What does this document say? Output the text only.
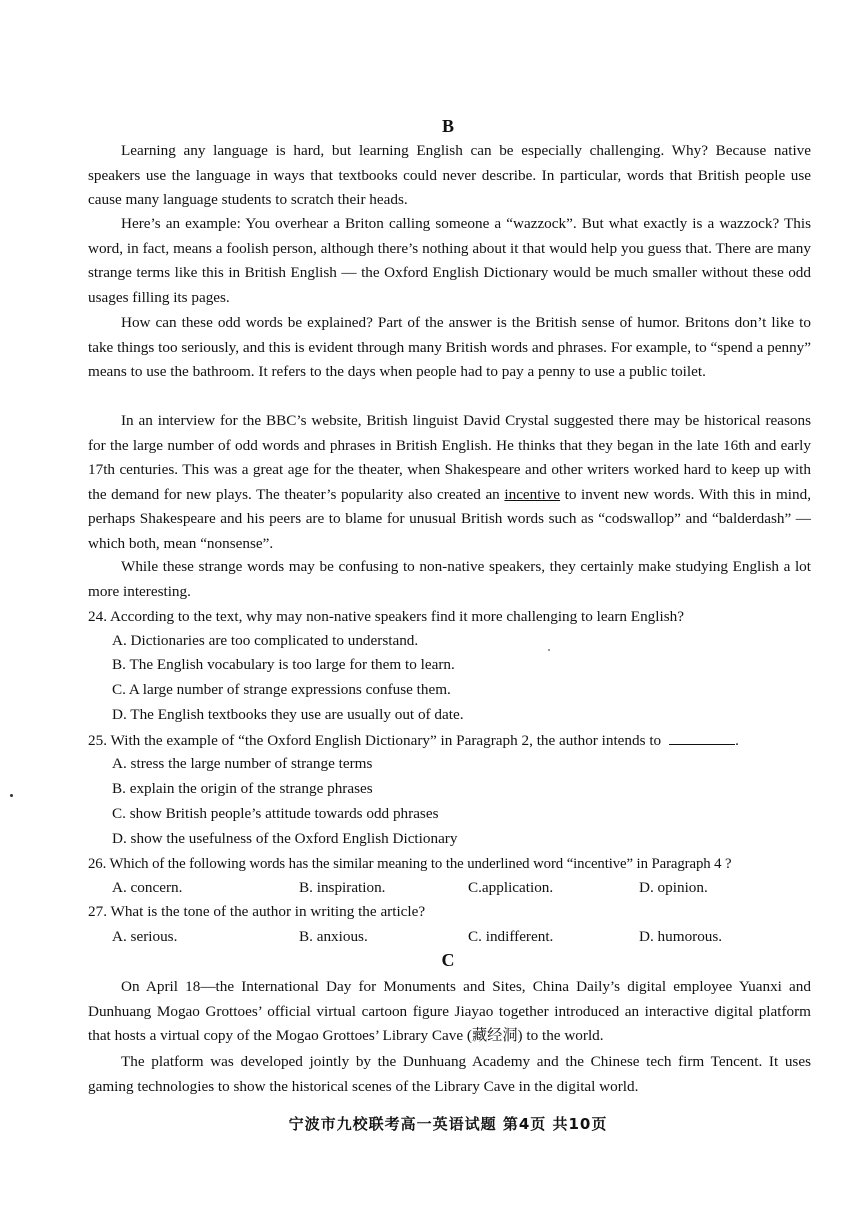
B

Learning any language is hard, but learning English can be especially challenging. Why? Because native speakers use the language in ways that textbooks could never describe. In particular, words that British people use cause many language students to scratch their heads.

Here’s an example: You overhear a Briton calling someone a “wazzock”. But what exactly is a wazzock? This word, in fact, means a foolish person, although there’s nothing about it that would help you guess that. There are many strange terms like this in British English — the Oxford English Dictionary would be much smaller without these odd usages filling its pages.

How can these odd words be explained? Part of the answer is the British sense of humor. Britons don’t like to take things too seriously, and this is evident through many British words and phrases. For example, to “spend a penny” means to use the bathroom. It refers to the days when people had to pay a penny to use a public toilet.

In an interview for the BBC’s website, British linguist David Crystal suggested there may be historical reasons for the large number of odd words and phrases in British English. He thinks that they began in the late 16th and early 17th centuries. This was a great age for the theater, when Shakespeare and other writers worked hard to keep up with the demand for new plays. The theater’s popularity also created an incentive to invent new words. With this in mind, perhaps Shakespeare and his peers are to blame for unusual British words such as “codswallop” and “balderdash” — which both, mean “nonsense”.

While these strange words may be confusing to non-native speakers, they certainly make studying English a lot more interesting.

24. According to the text, why may non-native speakers find it more challenging to learn English?
A. Dictionaries are too complicated to understand.
B. The English vocabulary is too large for them to learn.
C. A large number of strange expressions confuse them.
D. The English textbooks they use are usually out of date.
25. With the example of “the Oxford English Dictionary” in Paragraph 2, the author intends to	.
A. stress the large number of strange terms
B. explain the origin of the strange phrases
C. show British people’s attitude towards odd phrases
D. show the usefulness of the Oxford English Dictionary
26. Which of the following words has the similar meaning to the underlined word “incentive” in Paragraph 4 ?
A. concern.	B. inspiration.	C.application.	D. opinion.
27. What is the tone of the author in writing the article?
A. serious.	B. anxious.	C. indifferent.	D. humorous.
C

On April 18—the International Day for Monuments and Sites, China Daily’s digital employee Yuanxi and Dunhuang Mogao Grottoes’ official virtual cartoon figure Jiayao together introduced an interactive digital platform that hosts a virtual copy of the Mogao Grottoes’ Library Cave (藏经洞) to the world.

The platform was developed jointly by the Dunhuang Academy and the Chinese tech firm Tencent. It uses gaming technologies to show the historical scenes of the Library Cave in the digital world.

宁波市九校联考高一英语试题 第4页 共10页
